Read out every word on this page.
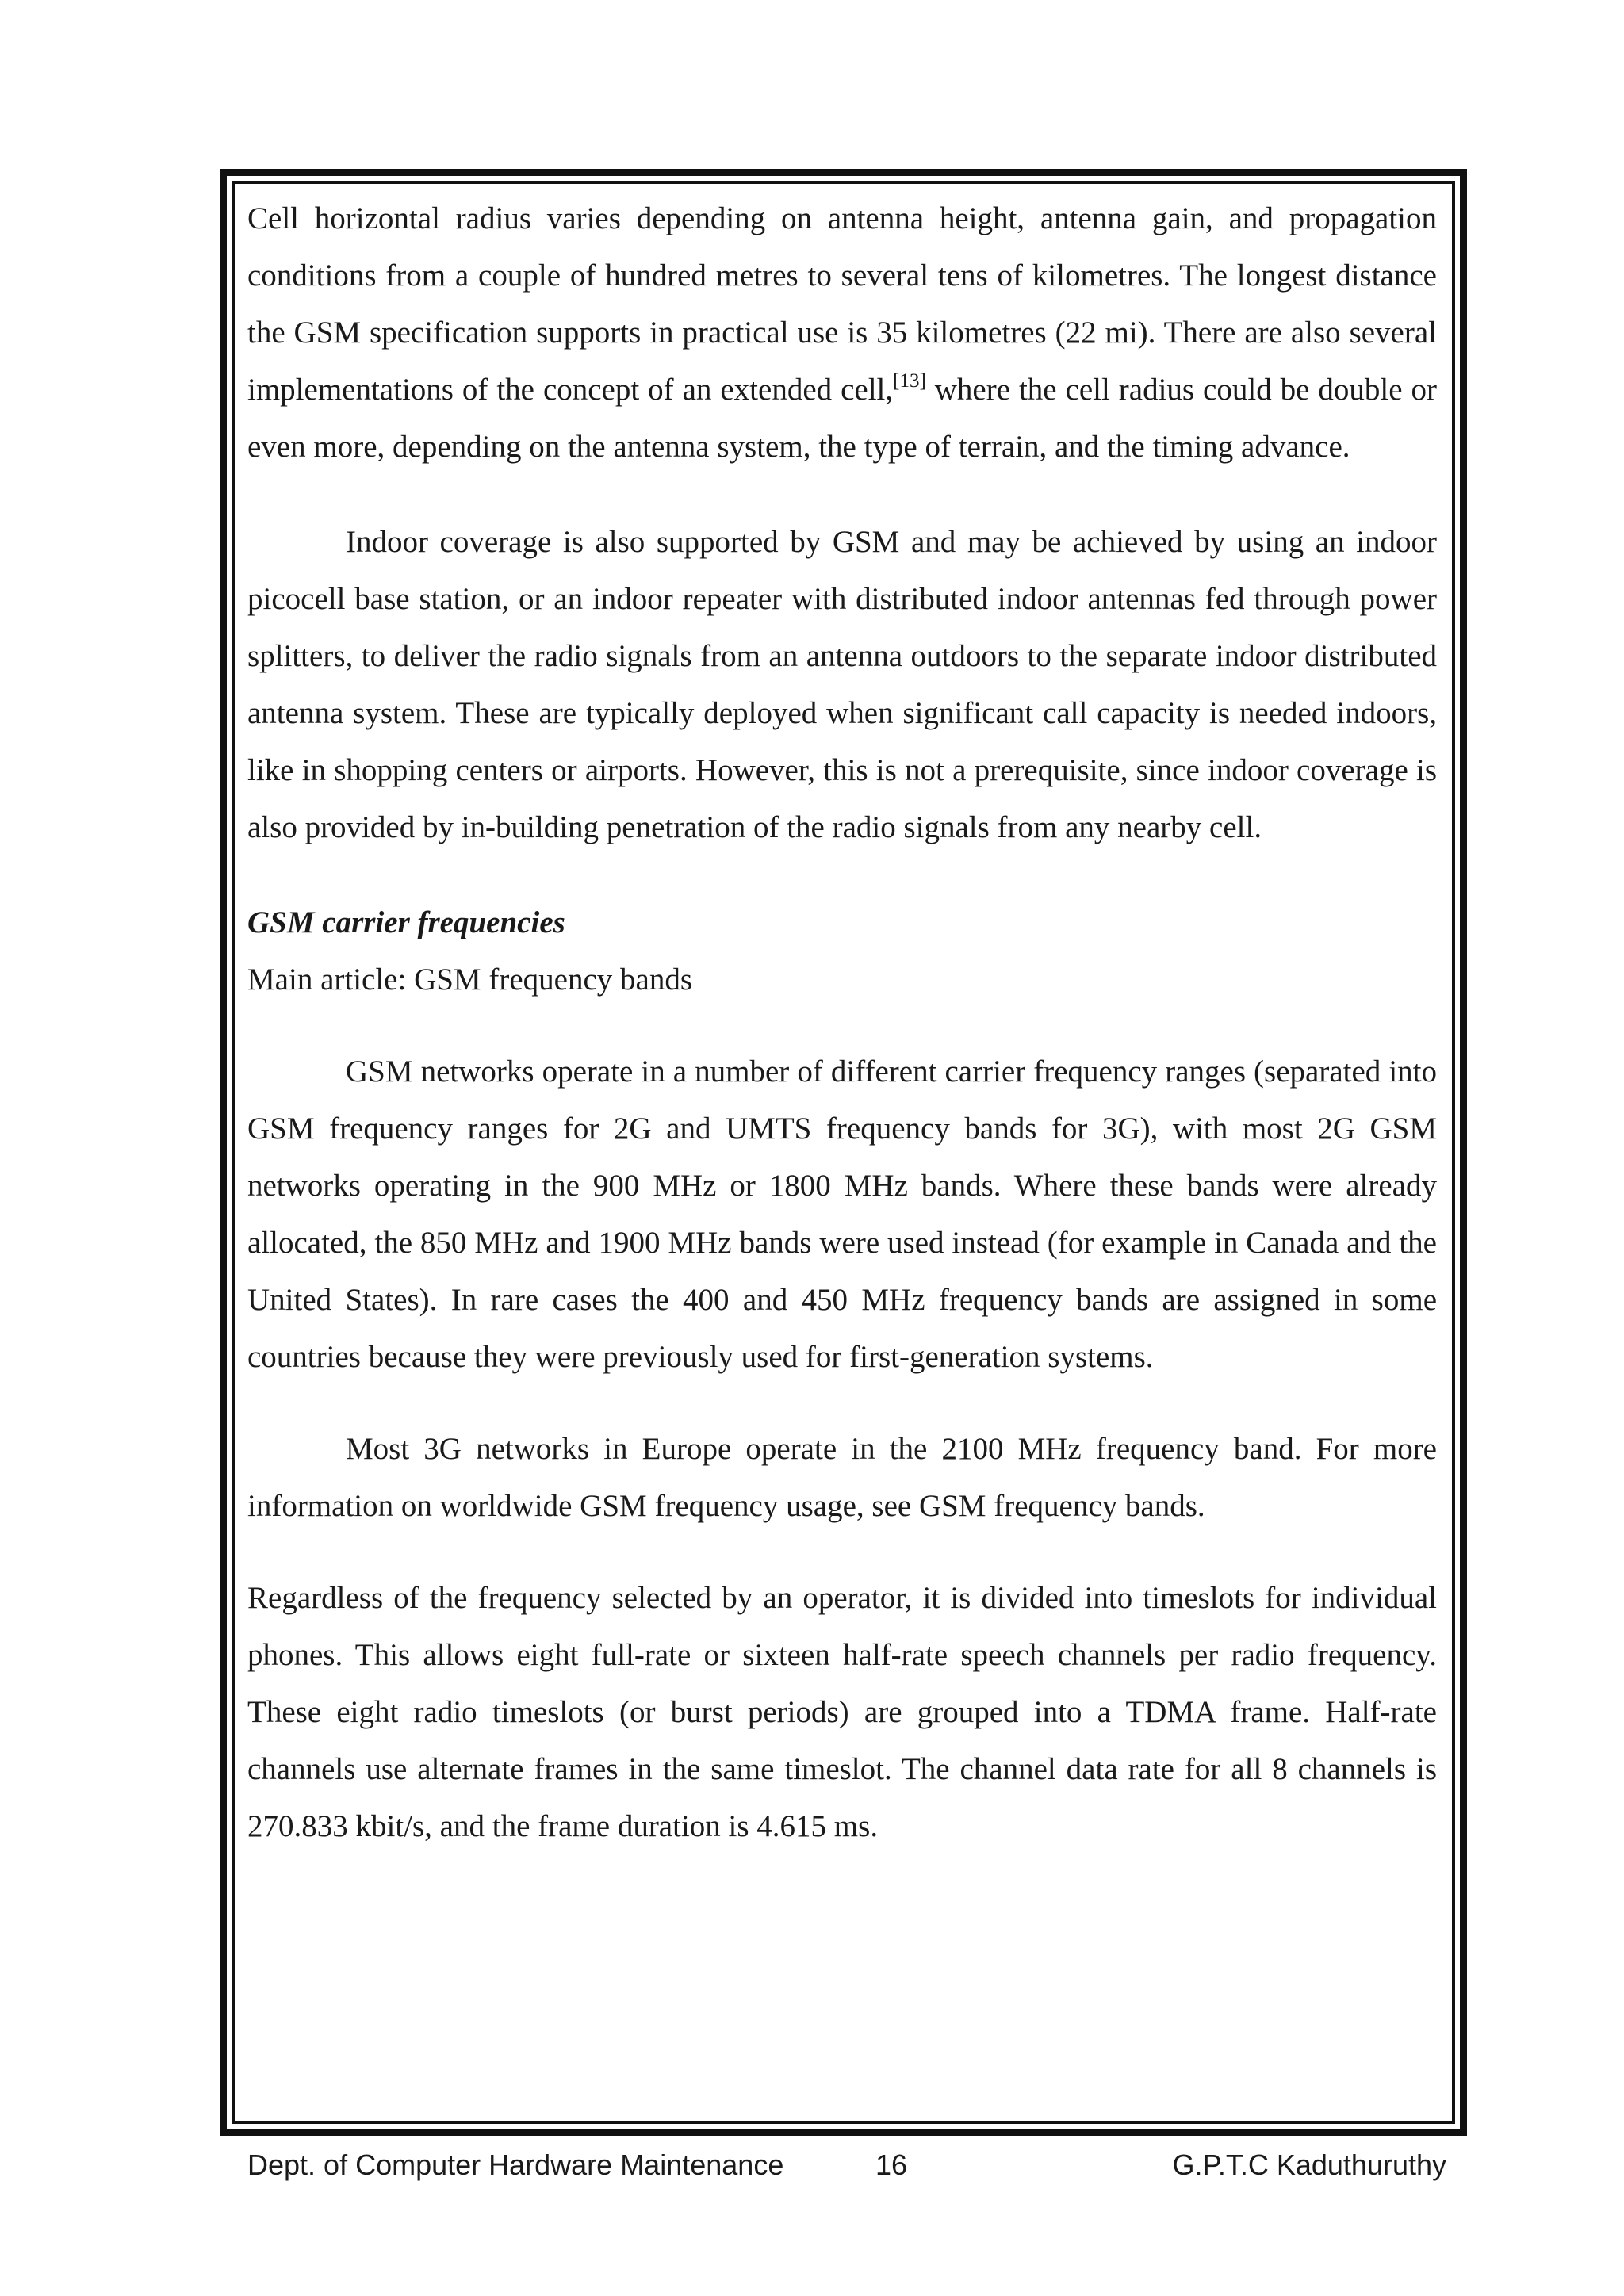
Cell horizontal radius varies depending on antenna height, antenna gain, and propagation conditions from a couple of hundred metres to several tens of kilometres. The longest distance the GSM specification supports in practical use is 35 kilometres (22 mi). There are also several implementations of the concept of an extended cell,[13] where the cell radius could be double or even more, depending on the antenna system, the type of terrain, and the timing advance.

Indoor coverage is also supported by GSM and may be achieved by using an indoor picocell base station, or an indoor repeater with distributed indoor antennas fed through power splitters, to deliver the radio signals from an antenna outdoors to the separate indoor distributed antenna system. These are typically deployed when significant call capacity is needed indoors, like in shopping centers or airports. However, this is not a prerequisite, since indoor coverage is also provided by in-building penetration of the radio signals from any nearby cell.

GSM carrier frequencies

Main article: GSM frequency bands

GSM networks operate in a number of different carrier frequency ranges (separated into GSM frequency ranges for 2G and UMTS frequency bands for 3G), with most 2G GSM networks operating in the 900 MHz or 1800 MHz bands. Where these bands were already allocated, the 850 MHz and 1900 MHz bands were used instead (for example in Canada and the United States). In rare cases the 400 and 450 MHz frequency bands are assigned in some countries because they were previously used for first-generation systems.

Most 3G networks in Europe operate in the 2100 MHz frequency band. For more information on worldwide GSM frequency usage, see GSM frequency bands.

Regardless of the frequency selected by an operator, it is divided into timeslots for individual phones. This allows eight full-rate or sixteen half-rate speech channels per radio frequency. These eight radio timeslots (or burst periods) are grouped into a TDMA frame. Half-rate channels use alternate frames in the same timeslot. The channel data rate for all 8 channels is 270.833 kbit/s, and the frame duration is 4.615 ms.

Dept. of Computer Hardware Maintenance	16	G.P.T.C Kaduthuruthy
